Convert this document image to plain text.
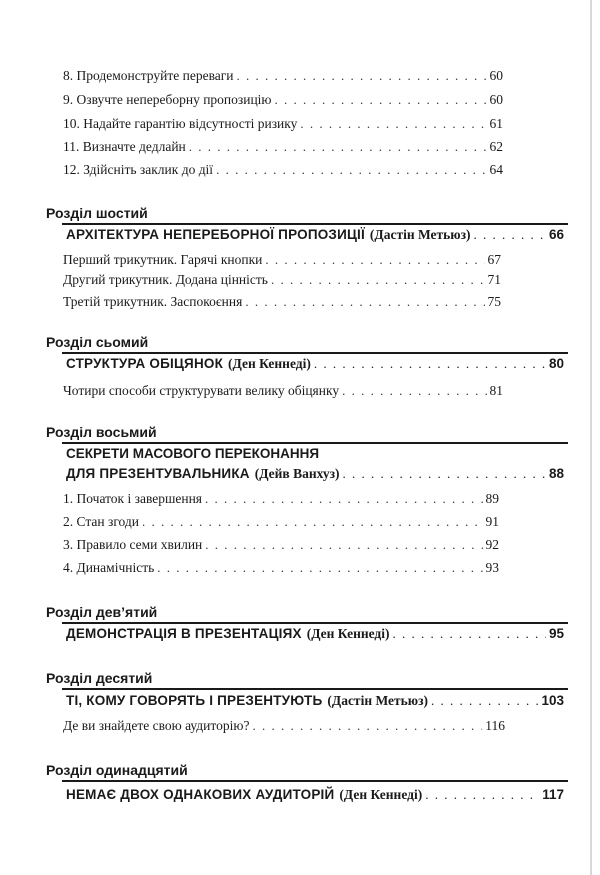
8. Продемонструйте переваги . . .	60
9. Озвучте непереборну пропозицію . . .	60
10. Надайте гарантію відсутності ризику . . .	61
11. Визначте дедлайн . . .	62
12. Здійсніть заклик до дії . . .	64
Розділ шостий
АРХІТЕКТУРА НЕПЕРЕБОРНОЇ ПРОПОЗИЦІЇ (Дастін Метьюз) . . .	66
Перший трикутник. Гарячі кнопки . . .	67
Другий трикутник. Додана цінність . . .	71
Третій трикутник. Заспокоєння . . .	75
Розділ сьомий
СТРУКТУРА ОБІЦЯНОК (Ден Кеннеді) . . .	80
Чотири способи структурувати велику обіцянку . . .	81
Розділ восьмий
СЕКРЕТИ МАСОВОГО ПЕРЕКОНАННЯ
ДЛЯ ПРЕЗЕНТУВАЛЬНИКА (Дейв Ванхуз) . . .	88
1. Початок і завершення . . .	89
2. Стан згоди . . .	91
3. Правило семи хвилин . . .	92
4. Динамічність . . .	93
Розділ дев’ятий
ДЕМОНСТРАЦІЯ В ПРЕЗЕНТАЦІЯХ (Ден Кеннеді) . . .	95
Розділ десятий
ТІ, КОМУ ГОВОРЯТЬ І ПРЕЗЕНТУЮТЬ (Дастін Метьюз) . . .	103
Де ви знайдете свою аудиторію? . . .	116
Розділ одинадцятий
НЕМАЄ ДВОХ ОДНАКОВИХ АУДИТОРІЙ (Ден Кеннеді) . . .	117
